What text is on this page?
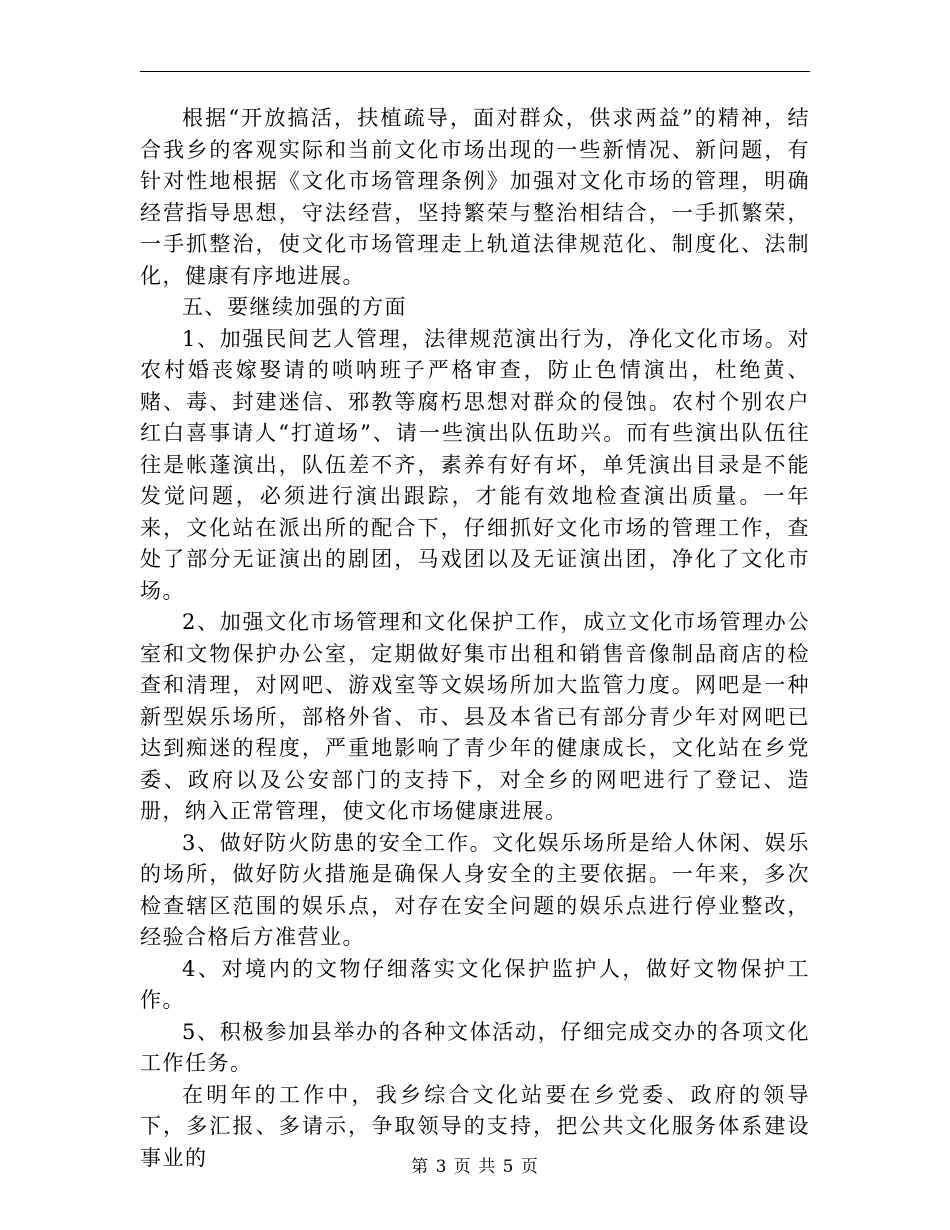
根据“开放搞活，扶植疏导，面对群众，供求两益”的精神，结合我乡的客观实际和当前文化市场出现的一些新情况、新问题，有针对性地根据《文化市场管理条例》加强对文化市场的管理，明确经营指导思想，守法经营，坚持繁荣与整治相结合，一手抓繁荣，一手抓整治，使文化市场管理走上轨道法律规范化、制度化、法制化，健康有序地进展。

五、要继续加强的方面

1、加强民间艺人管理，法律规范演出行为，净化文化市场。对农村婚丧嫁娶请的唢呐班子严格审查，防止色情演出，杜绝黄、赌、毒、封建迷信、邪教等腐朽思想对群众的侵蚀。农村个别农户红白喜事请人“打道场”、请一些演出队伍助兴。而有些演出队伍往往是帐蓬演出，队伍差不齐，素养有好有坏，单凭演出目录是不能发觉问题，必须进行演出跟踪，才能有效地检查演出质量。一年来，文化站在派出所的配合下，仔细抓好文化市场的管理工作，查处了部分无证演出的剧团，马戏团以及无证演出团，净化了文化市场。

2、加强文化市场管理和文化保护工作，成立文化市场管理办公室和文物保护办公室，定期做好集市出租和销售音像制品商店的检查和清理，对网吧、游戏室等文娱场所加大监管力度。网吧是一种新型娱乐场所，部格外省、市、县及本省已有部分青少年对网吧已达到痴迷的程度，严重地影响了青少年的健康成长，文化站在乡党委、政府以及公安部门的支持下，对全乡的网吧进行了登记、造册，纳入正常管理，使文化市场健康进展。

3、做好防火防患的安全工作。文化娱乐场所是给人休闲、娱乐的场所，做好防火措施是确保人身安全的主要依据。一年来，多次检查辖区范围的娱乐点，对存在安全问题的娱乐点进行停业整改，经验合格后方准营业。

4、对境内的文物仔细落实文化保护监护人，做好文物保护工作。

5、积极参加县举办的各种文体活动，仔细完成交办的各项文化工作任务。

在明年的工作中，我乡综合文化站要在乡党委、政府的领导下，多汇报、多请示，争取领导的支持，把公共文化服务体系建设事业的	第 3 页 共 5 页
